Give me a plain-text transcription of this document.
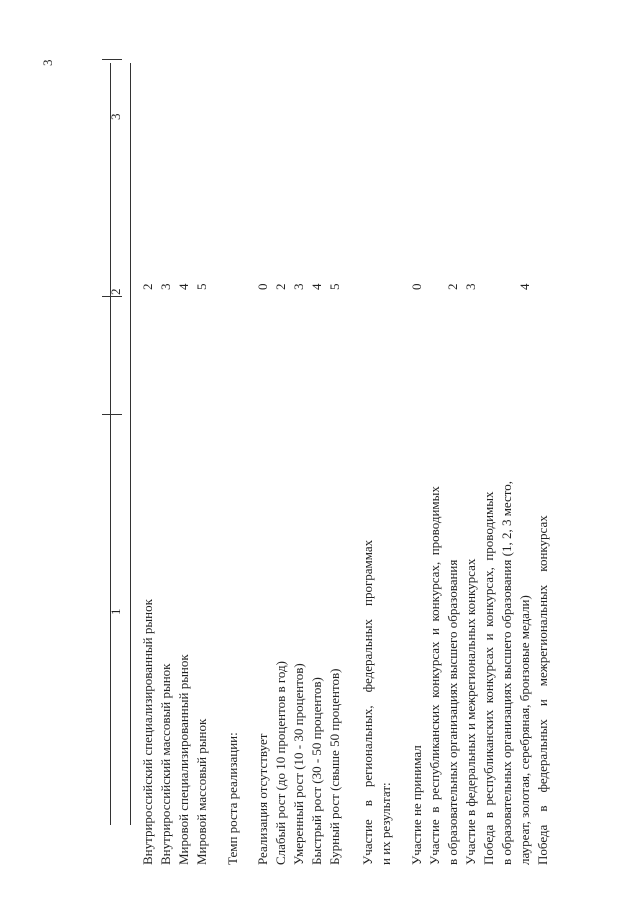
3
1
2
3
Внутрироссийский специализированный рынок
2
Внутрироссийский массовый рынок
3
Мировой специализированный рынок
4
Мировой массовый рынок
5
Темп роста реализации: Реализация отсутствует
0
Слабый рост (до 10 процентов в год)
2
Умеренный рост (10 - 30 процентов)
3
Быстрый рост (30 - 50 процентов)
4
Бурный рост (свыше 50 процентов)
5
Участие    в    региональных,    федеральных    программах и их результат: Участие не принимал
0
Участие  в  республиканских  конкурсах  и  конкурсах,  проводимых
2
в образовательных организациях высшего образования Участие в федеральных и межрегиональных конкурсах
3
Победа  в  республиканских  конкурсах  и  конкурсах,  проводимых в образовательных организациях высшего образования (1, 2, 3 место,
4
лауреат, золотая, серебряная, бронзовые медали) Победа    в    федеральных    и    межрегиональных    конкурсах
